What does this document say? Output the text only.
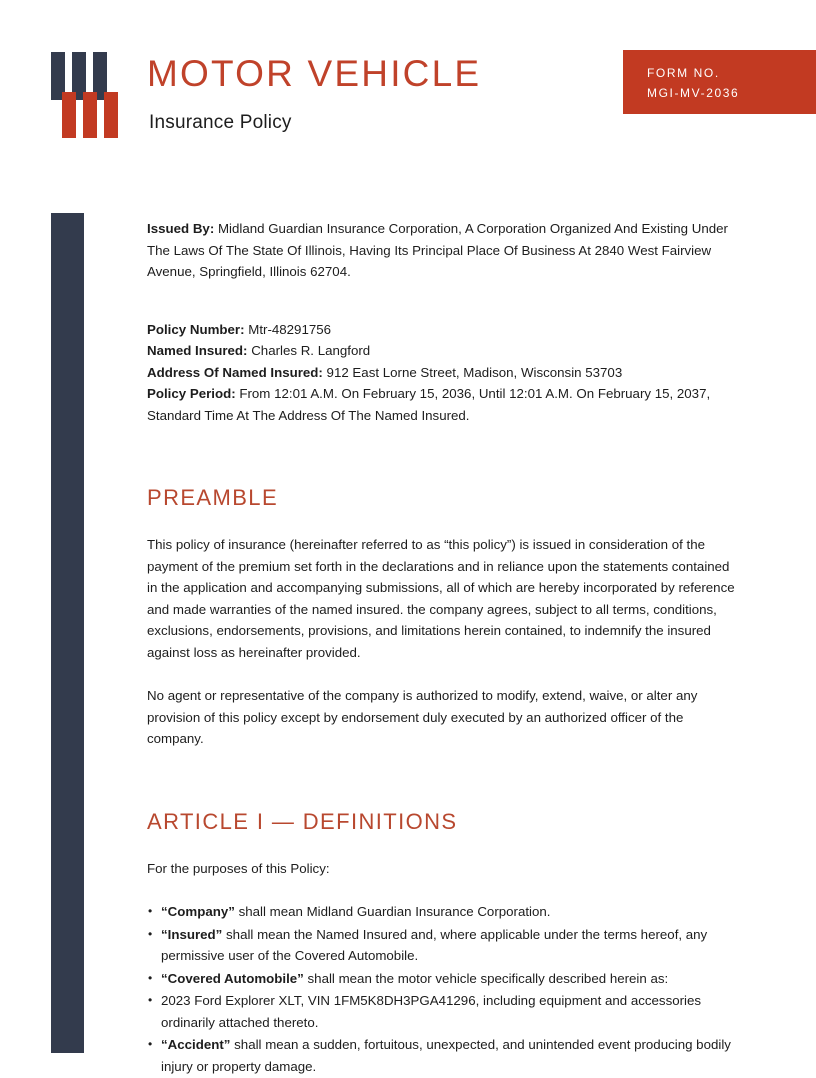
MOTOR VEHICLE
Insurance Policy
FORM NO.
MGI-MV-2036

Issued By: Midland Guardian Insurance Corporation, A Corporation Organized And Existing Under The Laws Of The State Of Illinois, Having Its Principal Place Of Business At 2840 West Fairview Avenue, Springfield, Illinois 62704.

Policy Number: Mtr-48291756
Named Insured: Charles R. Langford
Address Of Named Insured: 912 East Lorne Street, Madison, Wisconsin 53703
Policy Period: From 12:01 A.M. On February 15, 2036, Until 12:01 A.M. On February 15, 2037, Standard Time At The Address Of The Named Insured.
PREAMBLE

This policy of insurance (hereinafter referred to as “this policy”) is issued in consideration of the payment of the premium set forth in the declarations and in reliance upon the statements contained in the application and accompanying submissions, all of which are hereby incorporated by reference and made warranties of the named insured. the company agrees, subject to all terms, conditions, exclusions, endorsements, provisions, and limitations herein contained, to indemnify the insured against loss as hereinafter provided.

No agent or representative of the company is authorized to modify, extend, waive, or alter any provision of this policy except by endorsement duly executed by an authorized officer of the company.

ARTICLE I — DEFINITIONS

For the purposes of this Policy:

• “Company” shall mean Midland Guardian Insurance Corporation.
• “Insured” shall mean the Named Insured and, where applicable under the terms hereof, any permissive user of the Covered Automobile.
• “Covered Automobile” shall mean the motor vehicle specifically described herein as:
• 2023 Ford Explorer XLT, VIN 1FM5K8DH3PGA41296, including equipment and accessories ordinarily attached thereto.
• “Accident” shall mean a sudden, fortuitous, unexpected, and unintended event producing bodily injury or property damage.
